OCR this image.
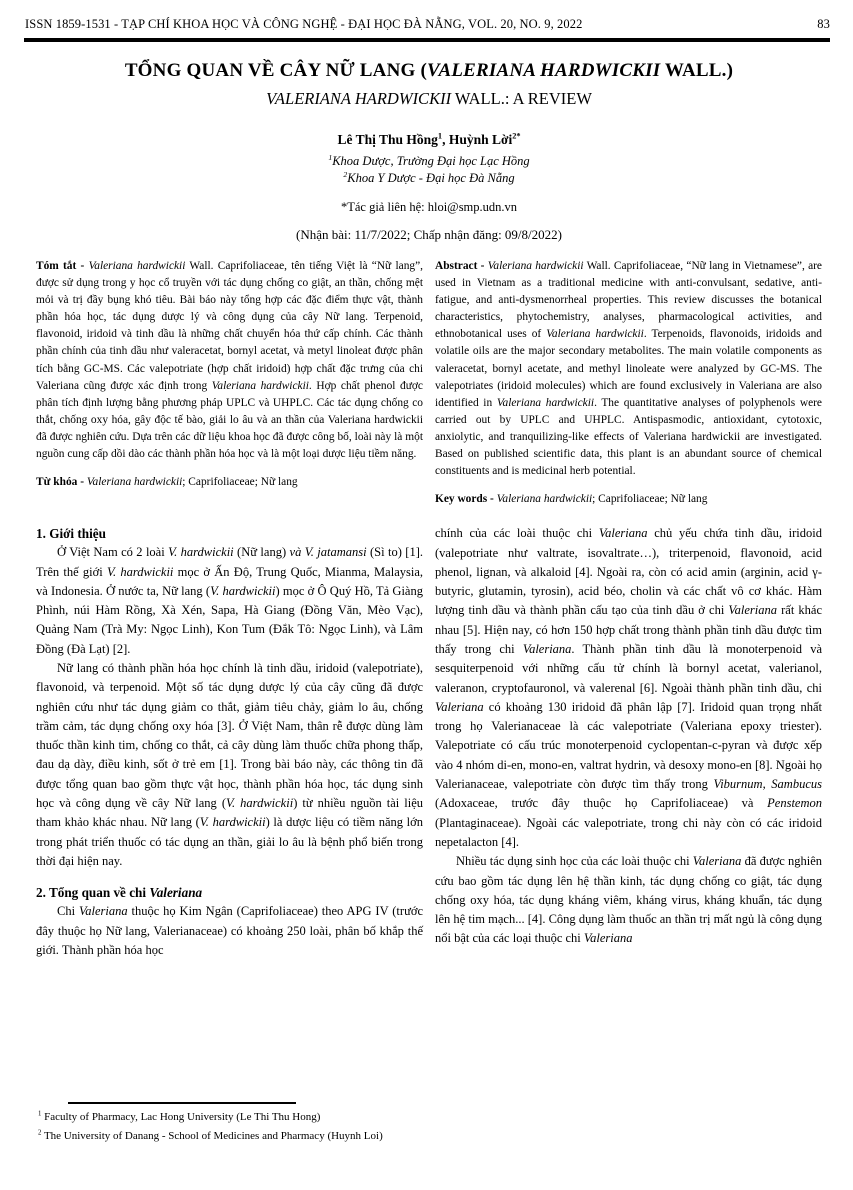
ISSN 1859-1531 - TẠP CHÍ KHOA HỌC VÀ CÔNG NGHỆ - ĐẠI HỌC ĐÀ NẴNG, VOL. 20, NO. 9, 2022	83
TỔNG QUAN VỀ CÂY NỮ LANG (VALERIANA HARDWICKII WALL.)
VALERIANA HARDWICKII WALL.: A REVIEW
Lê Thị Thu Hồng$^1$, Huỳnh Lời$^{2*}$
$^1$Khoa Dược, Trường Đại học Lạc Hồng
$^2$Khoa Y Dược - Đại học Đà Nẵng
*Tác giả liên hệ: hloi@smp.udn.vn
(Nhận bài: 11/7/2022; Chấp nhận đăng: 09/8/2022)
Tóm tắt - Valeriana hardwickii Wall. Caprifoliaceae, tên tiếng Việt là “Nữ lang”, được sử dụng trong y học cổ truyền với tác dụng chống co giật, an thần, chống mệt mỏi và trị đầy bụng khó tiêu. Bài báo này tổng hợp các đặc điểm thực vật, thành phần hóa học, tác dụng dược lý và công dụng của cây Nữ lang. Terpenoid, flavonoid, iridoid và tinh dầu là những chất chuyển hóa thứ cấp chính. Các thành phần chính của tinh dầu như valeracetat, bornyl acetat, và metyl linoleat được phân tích bằng GC-MS. Các valepotriate (hợp chất iridoid) hợp chất đặc trưng của chi Valeriana cũng được xác định trong Valeriana hardwickii. Hợp chất phenol được phân tích định lượng bằng phương pháp UPLC và UHPLC. Các tác dụng chống co thắt, chống oxy hóa, gây độc tế bào, giải lo âu và an thần của Valeriana hardwickii đã được nghiên cứu. Dựa trên các dữ liệu khoa học đã được công bố, loài này là một nguồn cung cấp dồi dào các thành phần hóa học và là một loại dược liệu tiềm năng.
Từ khóa - Valeriana hardwickii; Caprifoliaceae; Nữ lang
Abstract - Valeriana hardwickii Wall. Caprifoliaceae, “Nữ lang in Vietnamese”, are used in Vietnam as a traditional medicine with anti-convulsant, sedative, anti-fatigue, and anti-dysmenorrheal properties. This review discusses the botanical characteristics, phytochemistry, analyses, pharmacological activities, and ethnobotanical uses of Valeriana hardwickii. Terpenoids, flavonoids, iridoids and volatile oils are the major secondary metabolites. The main volatile components as valeracetat, bornyl acetate, and methyl linoleate were analyzed by GC-MS. The valepotriates (iridoid molecules) which are found exclusively in Valeriana are also identified in Valeriana hardwickii. The quantitative analyses of polyphenols were carried out by UPLC and UHPLC. Antispasmodic, antioxidant, cytotoxic, anxiolytic, and tranquilizing-like effects of Valeriana hardwickii are investigated. Based on published scientific data, this plant is an abundant source of chemical constituents and is medicinal herb potential.
Key words - Valeriana hardwickii; Caprifoliaceae; Nữ lang
1. Giới thiệu

Ở Việt Nam có 2 loài V. hardwickii (Nữ lang) và V. jatamansi (Sì to) [1]. Trên thế giới V. hardwickii mọc ở Ấn Độ, Trung Quốc, Mianma, Malaysia, và Indonesia. Ở nước ta, Nữ lang (V. hardwickii) mọc ở Ô Quý Hồ, Tả Giàng Phình, núi Hàm Rồng, Xà Xén, Sapa, Hà Giang (Đồng Văn, Mèo Vạc), Quảng Nam (Trà My: Ngọc Linh), Kon Tum (Đắk Tô: Ngọc Linh), và Lâm Đồng (Đà Lạt) [2].

Nữ lang có thành phần hóa học chính là tinh dầu, iridoid (valepotriate), flavonoid, và terpenoid. Một số tác dụng dược lý của cây cũng đã được nghiên cứu như tác dụng giảm co thắt, giảm tiêu chảy, giảm lo âu, chống trầm cảm, tác dụng chống oxy hóa [3]. Ở Việt Nam, thân rễ được dùng làm thuốc thần kinh tim, chống co thắt, cả cây dùng làm thuốc chữa phong thấp, đau dạ dày, điều kinh, sốt ở trẻ em [1]. Trong bài báo này, các thông tin đã được tổng quan bao gồm thực vật học, thành phần hóa học, tác dụng sinh học và công dụng về cây Nữ lang (V. hardwickii) từ nhiều nguồn tài liệu tham khảo khác nhau. Nữ lang (V. hardwickii) là dược liệu có tiềm năng lớn trong phát triển thuốc có tác dụng an thần, giải lo âu là bệnh phổ biến trong thời đại hiện nay.

2. Tổng quan về chi Valeriana

Chi Valeriana thuộc họ Kim Ngân (Caprifoliaceae) theo APG IV (trước đây thuộc họ Nữ lang, Valerianaceae) có khoảng 250 loài, phân bố khắp thế giới. Thành phần hóa học

chính của các loài thuộc chi Valeriana chủ yếu chứa tinh dầu, iridoid (valepotriate như valtrate, isovaltrate…), triterpenoid, flavonoid, acid phenol, lignan, và alkaloid [4]. Ngoài ra, còn có acid amin (arginin, acid γ-butyric, glutamin, tyrosin), acid béo, cholin và các chất vô cơ khác. Hàm lượng tinh dầu và thành phần cấu tạo của tinh dầu ở chi Valeriana rất khác nhau [5]. Hiện nay, có hơn 150 hợp chất trong thành phần tinh dầu được tìm thấy trong chi Valeriana. Thành phần tinh dầu là monoterpenoid và sesquiterpenoid với những cấu tử chính là bornyl acetat, valerianol, valeranon, cryptofauronol, và valerenal [6]. Ngoài thành phần tinh dầu, chi Valeriana có khoảng 130 iridoid đã phân lập [7]. Iridoid quan trọng nhất trong họ Valerianaceae là các valepotriate (Valeriana epoxy triester). Valepotriate có cấu trúc monoterpenoid cyclopentan-c-pyran và được xếp vào 4 nhóm di-en, mono-en, valtrat hydrin, và desoxy mono-en [8]. Ngoài họ Valerianaceae, valepotriate còn được tìm thấy trong Viburnum, Sambucus (Adoxaceae, trước đây thuộc họ Caprifoliaceae) và Penstemon (Plantaginaceae). Ngoài các valepotriate, trong chi này còn có các iridoid nepetalacton [4].

Nhiều tác dụng sinh học của các loài thuộc chi Valeriana đã được nghiên cứu bao gồm tác dụng lên hệ thần kinh, tác dụng chống co giật, tác dụng chống oxy hóa, tác dụng kháng viêm, kháng virus, kháng khuẩn, tác dụng lên hệ tim mạch... [4]. Công dụng làm thuốc an thần trị mất ngủ là công dụng nổi bật của các loại thuộc chi Valeriana

$^1$ Faculty of Pharmacy, Lac Hong University (Le Thi Thu Hong)
$^2$ The University of Danang - School of Medicines and Pharmacy (Huynh Loi)
